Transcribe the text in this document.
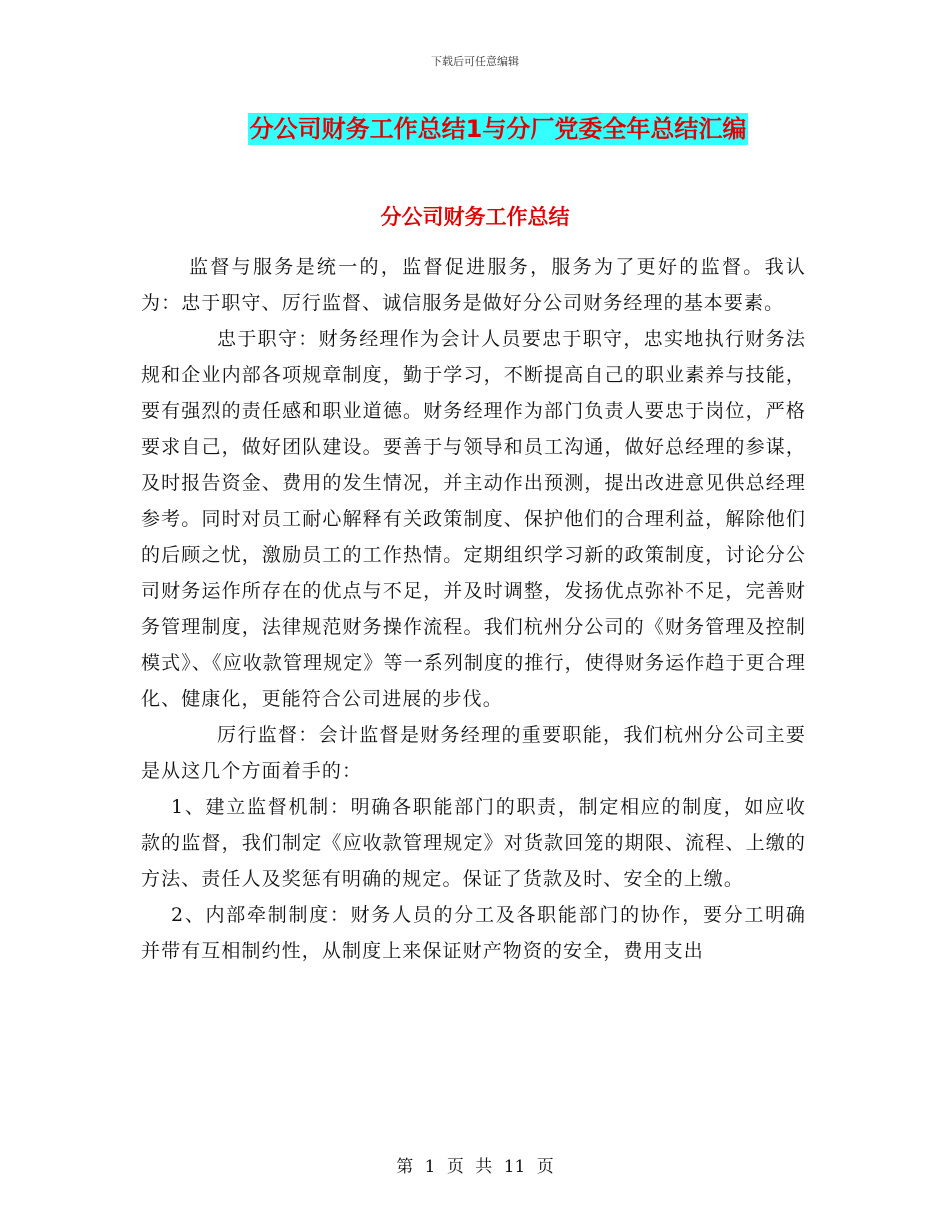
下载后可任意编辑
分公司财务工作总结1与分厂党委全年总结汇编
分公司财务工作总结

监督与服务是统一的，监督促进服务，服务为了更好的监督。我认为：忠于职守、厉行监督、诚信服务是做好分公司财务经理的基本要素。

忠于职守：财务经理作为会计人员要忠于职守，忠实地执行财务法规和企业内部各项规章制度，勤于学习，不断提高自己的职业素养与技能，要有强烈的责任感和职业道德。财务经理作为部门负责人要忠于岗位，严格要求自己，做好团队建设。要善于与领导和员工沟通，做好总经理的参谋，及时报告资金、费用的发生情况，并主动作出预测，提出改进意见供总经理参考。同时对员工耐心解释有关政策制度、保护他们的合理利益，解除他们的后顾之忧，激励员工的工作热情。定期组织学习新的政策制度，讨论分公司财务运作所存在的优点与不足，并及时调整，发扬优点弥补不足，完善财务管理制度，法律规范财务操作流程。我们杭州分公司的《财务管理及控制模式》、《应收款管理规定》等一系列制度的推行，使得财务运作趋于更合理化、健康化，更能符合公司进展的步伐。

厉行监督：会计监督是财务经理的重要职能，我们杭州分公司主要是从这几个方面着手的：

1、建立监督机制：明确各职能部门的职责，制定相应的制度，如应收款的监督，我们制定《应收款管理规定》对货款回笼的期限、流程、上缴的方法、责任人及奖惩有明确的规定。保证了货款及时、安全的上缴。

2、内部牵制制度：财务人员的分工及各职能部门的协作，要分工明确并带有互相制约性，从制度上来保证财产物资的安全，费用支出

第 1 页 共 11 页
